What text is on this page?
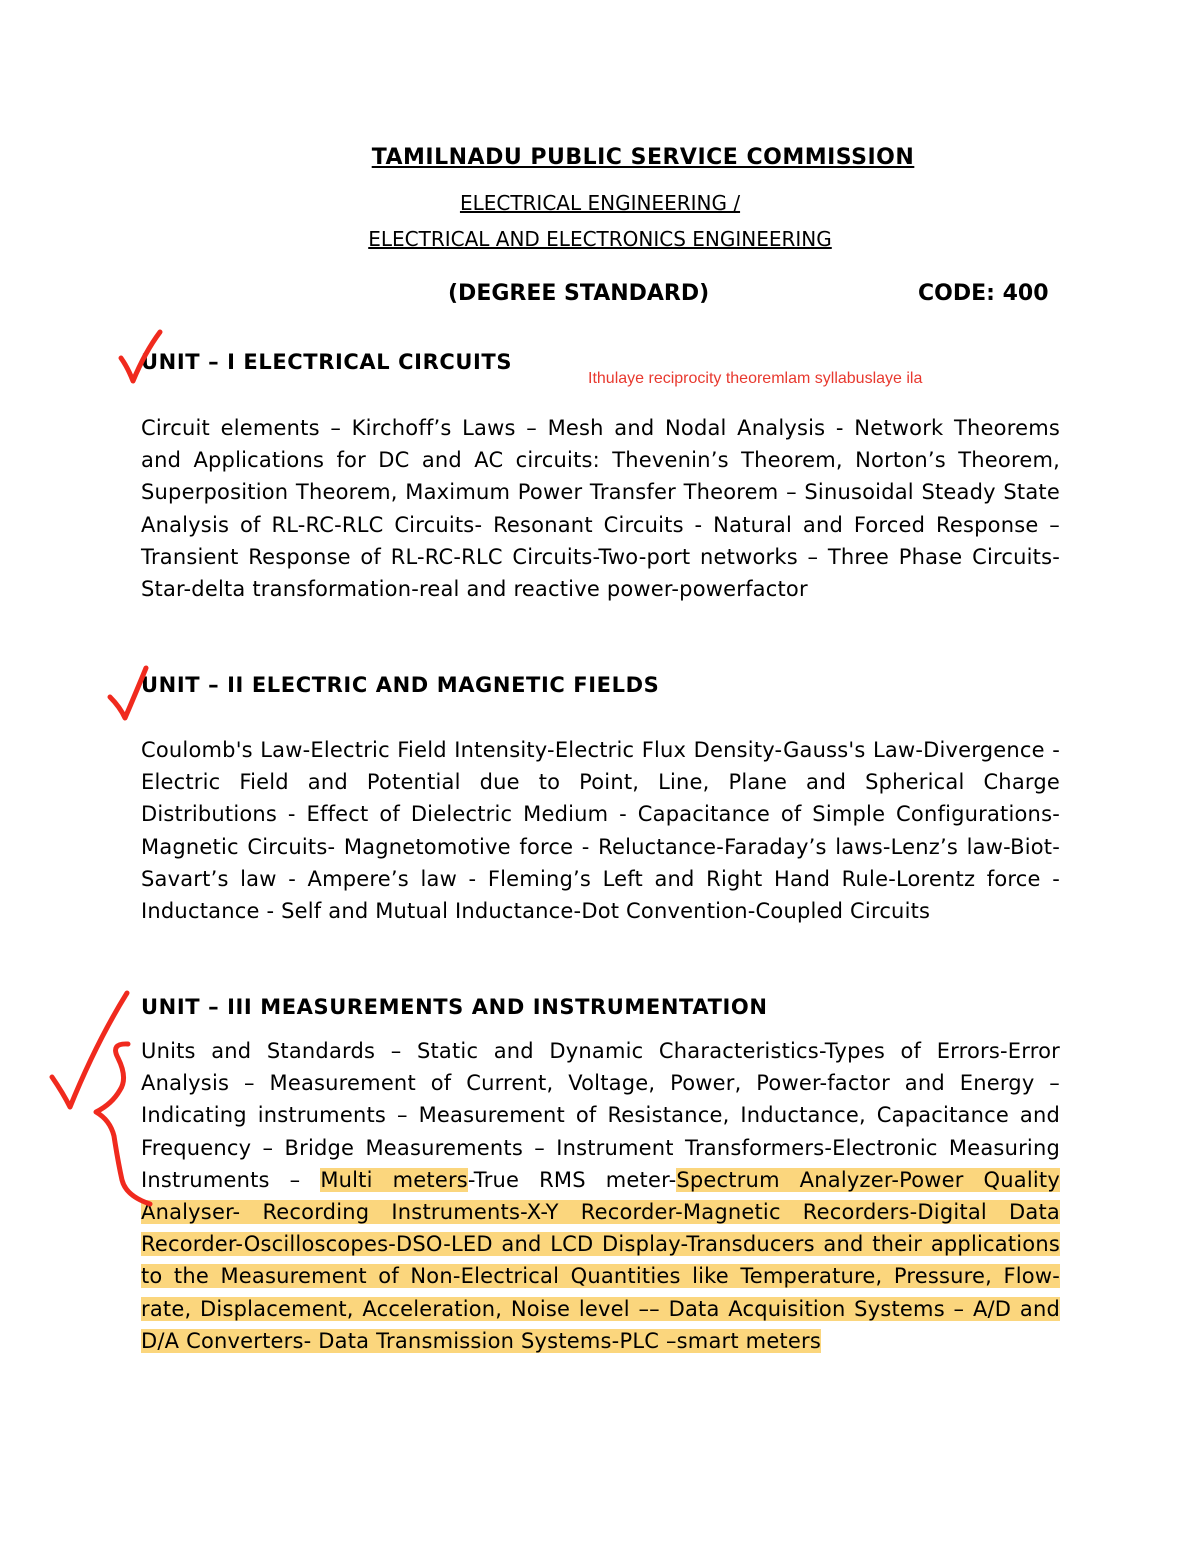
TAMILNADU PUBLIC SERVICE COMMISSION
ELECTRICAL ENGINEERING /
ELECTRICAL AND ELECTRONICS ENGINEERING
(DEGREE STANDARD)	CODE: 400
UNIT – I ELECTRICAL CIRCUITS
Ithulaye reciprocity theoremlam syllabuslaye ila
Circuit elements – Kirchoff’s Laws – Mesh and Nodal Analysis - Network Theorems and Applications for DC and AC circuits: Thevenin’s Theorem, Norton’s Theorem, Superposition Theorem, Maximum Power Transfer Theorem – Sinusoidal Steady State Analysis of RL-RC-RLC Circuits- Resonant Circuits - Natural and Forced Response – Transient Response of RL-RC-RLC Circuits-Two-port networks – Three Phase Circuits-Star-delta transformation-real and reactive power-powerfactor
UNIT – II ELECTRIC AND MAGNETIC FIELDS
Coulomb's Law-Electric Field Intensity-Electric Flux Density-Gauss's Law-Divergence - Electric Field and Potential due to Point, Line, Plane and Spherical Charge Distributions - Effect of Dielectric Medium - Capacitance of Simple Configurations- Magnetic Circuits- Magnetomotive force - Reluctance-Faraday’s laws-Lenz’s law-Biot-Savart’s law - Ampere’s law - Fleming’s Left and Right Hand Rule-Lorentz force - Inductance - Self and Mutual Inductance-Dot Convention-Coupled Circuits
UNIT – III MEASUREMENTS AND INSTRUMENTATION
Units and Standards – Static and Dynamic Characteristics-Types of Errors-Error Analysis – Measurement of Current, Voltage, Power, Power-factor and Energy – Indicating instruments – Measurement of Resistance, Inductance, Capacitance and Frequency – Bridge Measurements – Instrument Transformers-Electronic Measuring Instruments – Multi meters-True RMS meter-Spectrum Analyzer-Power Quality Analyser- Recording Instruments-X-Y Recorder-Magnetic Recorders-Digital Data Recorder-Oscilloscopes-DSO-LED and LCD Display-Transducers and their applications to the Measurement of Non-Electrical Quantities like Temperature, Pressure, Flow-rate, Displacement, Acceleration, Noise level –– Data Acquisition Systems – A/D and D/A Converters- Data Transmission Systems-PLC –smart meters
